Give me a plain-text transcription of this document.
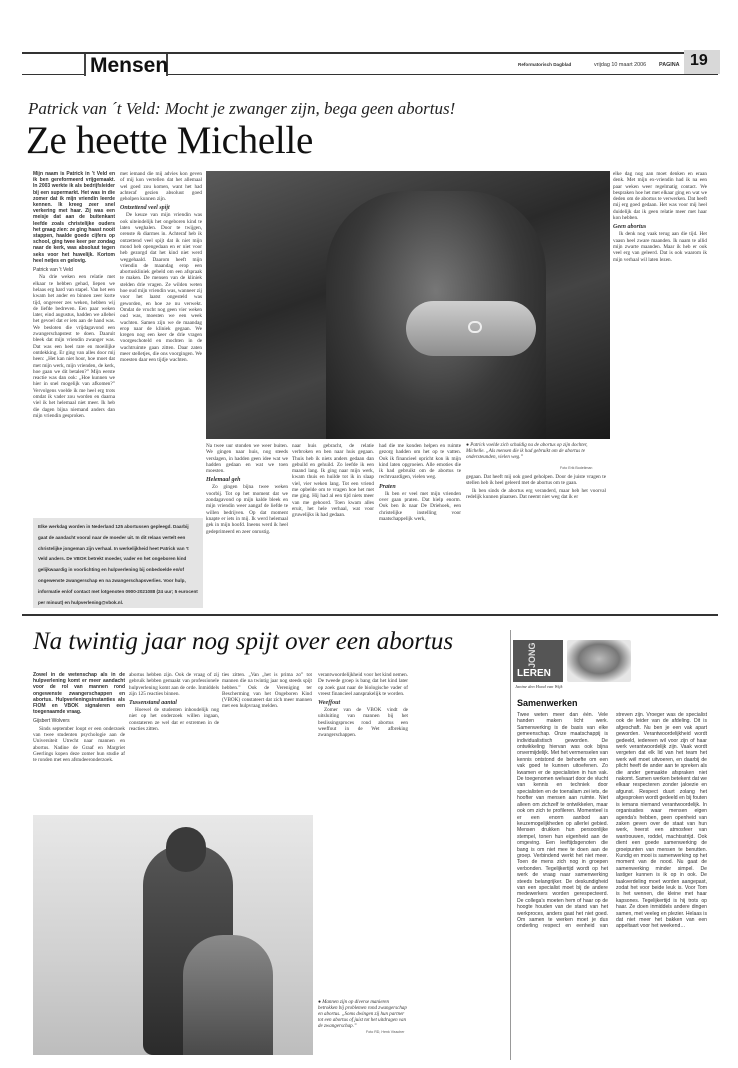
Mensen	Reformatorisch Dagblad	vrijdag 10 maart 2006 PAGINA 19
Patrick van ´t Veld: Mocht je zwanger zijn, bega geen abortus!
Ze heette Michelle

Mijn naam is Patrick in ’t Veld en ik ben gereformeerd vrijgemaakt. In 2003 werkte ik als bedrijfsleider bij een supermarkt. Het was in die zomer dat ik mijn vriendin leerde kennen. Ik kreeg zeer snel verkering met haar. Zij was een meisje dat aan de buitenkant leefde zoals christelijke ouders het graag zien: ze ging haast nooit stappen, haalde goede cijfers op school, ging twee keer per zondag naar de kerk, was absoluut tegen seks voor het huwelijk. Kortom heel netjes en gelovig.

Patrick van ’t Veld

Na drie weken een relatie met elkaar te hebben gehad, liepen we helaas erg hard van stapel. Van het een kwam het ander en binnen zeer korte tijd, ongeveer zes weken, hebben wij de liefde bedreven. Een paar weken later, eind augustus, hadden we allebei het gevoel dat er iets aan de hand was. We besloten die vrijdagavond een zwangerschapstest te doen. Daaruit bleek dat mijn vriendin zwanger was. Dat was een heel rare en moeilijke ontdekking. Er ging van alles door mij heen: „Het kan niet hoor, hoe moet dat met mijn werk, mijn vrienden, de kerk, hoe gaan we dit betalen?” Mijn eerste reactie was dan ook: „Hoe kunnen we hier in snel mogelijk van afkomen?” Vervolgens voelde ik me heel erg trots omdat ik vader zou worden en daarna viel ik het helemaal niet meer. Ik heb die dagen bijna niemand anders dan mijn vriendin gesproken.

met iemand die mij advies kon geven of mij kon vertellen dat het allemaal wel goed zou komen, want het had achteraf gezien absoluut goed geholpen kunnen zijn.

Ontzettend veel spijt

De keuze van mijn vriendin was ook uiteindelijk het ongeboren kind te laten weghalen. Door te twijgen, orenste & diarmes in. Achteraf heb ik ontzettend veel spijt dat ik niet mijn mond heb opengedaan en er niet voor heb gezorgd dat het kind niet werd weggehaald. Daarom heeft mijn vriendin de maandag erop een abortuskliniek gebeld om een afspraak te maken. De mensen van de kliniek stelden drie vragen. Ze wilden weten hoe oud mijn vriendin was, wanneer zij voor het laatst ongesteld was geworden, en hoe ze nu verwekt. Omdat de vrucht nog geen vier weken oud was, moesten we een week wachten. Samen zijn we de maandag erop naar de kliniek gegaan. We kregen nog een keer de drie vragen voorgeschoteld en mochten in de wachtruimte gaan zitten. Daar zaten meer stelletjes, die ons voorgingen. We moesten daar een tijdje wachten.

Elke werkdag worden in Nederland 125 abortussen gepleegd. Daarbij gaat de aandacht vooral naar de moeder uit. In dit relaas vertelt een christelijke jongeman zijn verhaal. In werkelijkheid heet Patrick van ’t Veld anders. De VBOK betrekt moeder, vader en het ongeboren kind gelijkwaardig in voorlichting en hulpverlening bij onbedoelde en/of ongewenste zwangerschap en na zwangerschapsverlies. Voor hulp, informatie en/of contact met lotgenoten 0900-2021088 (24 uur; 5 eurocent per minuut) en hulpverlening@vbok.nl.

Na twee uur stonden we weer buiten. We gingen naar huis, nog steeds verslagen, in hadden geen idee wat we hadden gedaan en wat we toen moesten.

Helemaal geh

Zo gingen bijna twee weken voorbij. Tot op het moment dat we zondagavond op mijn kalde bleek en mijn vriendin weer aangaf de liefde te willen bedrijven. Op dat moment knapte er iets in mij. Ik werd helemaal gek in mijn hoofd. Ineens werd ik heel gedeprimeerd en zeer onrustig.

naar huis gebracht, de relatie verbroken en ben naar huis gegaan. Thuis heb ik niets anders gedaan dan gebuild en gehuild. Zo leefde ik een maand lang. Ik ging naar mijn werk, kwam thuis en huilde tot ik in slaap viel, vier weken lang. Tot een vriend me opbelde om te vragen hoe het met me ging. Hij had al een tijd niets meer van me gehoord. Toen kwam alles eruit, het hele verhaal, wat voor gruwelijks ik had gedaan.

had die me konden helpen en ruimte gezorg hadden om het op te vatten. Ook ik financieel opricht kon ik mijn kind laten opgroeien. Alle emoties die ik had gebruikt om de abortus te rechtvaardigen, vielen weg.

Praten

Ik ben er veel met mijn vrienden over gaan praten. Dat hielp enorm. Ook ben ik naar De Driehoek, een christelijke instelling voor maatschappelijk werk,

● Patrick voelde zich schuldig na de abortus op zijn dochter, Michelle. „Als mensen die ik had gebruikt om de abortus te ondersteunden, vielen weg.”
Foto Erik Bodeliman

gegaan. Dat heeft mij ook goed geholpen. Door de juiste vragen te stellen heb ik heel geleerd met de abortus om te gaan.

Ik ben sinds de abortus erg veranderd, maar heb het voorval redelijk kunnen plaatsen. Dat neemt niet weg dat ik er

elke dag nog aan moet denken en eraan denk. Met mijn ex-vriendin had ik na een paar weken weer regelmatig contact. We bespraken hoe het met elkaar ging en wat we deden om de abortus te verwerken. Dat heeft mij erg goed gedaan. Het was voor mij heel duidelijk dat ik geen relatie meer met haar kon hebben.

Geen abortus

Ik denk nog vaak terug aan die tijd. Het vaasn heel zware maanden. Ik naam te allid mijn zwarte maanden. Maar ik heb er ook veel erg van geleerd. Dat is ook waarom ik mijn verhaal wil laten lezen.

Na twintig jaar nog spijt over een abortus

Zowel in de wetenschap als in de hulpverlening komt er meer aandacht voor de rol van mannen rond ongewenste zwangerschappen en abortus. Hulpverleningsinstanties als FIOM en VBOK signaleren een toegenaamde vraag.

Gijsbert Wolvers

Sinds september loopt er een onderzoek van twee studenten psychologie aan de Universiteit Utrecht naar mannen en abortus. Nadine de Graaf en Margriet Geerlings kopen deze zomer hun studie af te ronden met een afstudeeronderzoek.

abortus hebben zijn. Ook de vraag of zij gebruik hebben gemaakt van professionele hulpverlening komt aan de orde. Inmiddels zijn 125 reacties binnen.

Tussenstand aantal

Hoewel de studenten inhoudelijk nog niet op het onderzoek willen ingaan, constateren ze wel dat er extremen in de reacties zitten.

ties zitten. „Van „het is prima zo” tot mannen die na twintig jaar nog steeds spijt hebben.” Ook de Vereniging ter Bescherming van het Ongeboren Kind (VBOK) constateert dat zich meer mannen met een hulpvraag melden.

verantwoordelijkheid voor het kind nemen. De tweede groep is bang dat het kind later op zoek gaat naar de biologische vader of vreest financieel aansprakelijk te worden.

Weeffout

Zomer van de VBOK vindt de uitsluiting van mannen bij het beslissingsproces rond abortus een weeffout in de Wet afbreking zwangerschappen.

● Mannen zijn op diverse manieren betrokken bij problemen rond zwangerschap en abortus. „Soms dwingen zij hun partner tot een abortus of juist tot het uitdragen van de zwangerschap.”
Foto RD, Henk Visscher
JONG
LEREN
Janine den Hond van Wijk
Samenwerken
Twee weten meer dan één. Vele handen maken licht werk. Samenwerking is de basis van elke gemeenschap. Onze maatschappij is individualistisch geworden. De ontwikkeling hiervan was ook bijna onvermijdelijk. Met het vermenselen van kennis ontstond de behoefte om een vak goed te kunnen uitoefenen. Zo kwamen er de specialisten in hun vak. De toegenomen welvaart door de vlucht van kennis en techniek door specialisten en de toenaliam zei iets, de hoofter van mensen aan ruimte. Niet alleen om zichzelf te ontwikkelen, maar ook om zich te profileren. Momenteel is er een enorm aanbod aan keuzemogelijkheden op allerlei gebied. Mensen drukken hun persoonlijke stempel, tonen hun eigenheid aan de omgeving. Een leeftijdsgenoten die bang is om niet mee te doen aan de groep. Verbindend werkt het niet meer. Toen de mens zich nog in groepen verbonden. Tegelijkertijd wordt op het werk de vraag naar samenwerking steeds belangrijker. De deskundigheid van een specialist moet bij de andere medewerkers worden gerespecteerd. De collega’s moeten hem of haar op de hoogte houden van de stand van het werkproces, anders gaat het niet goed. Om samen te werken moet je dus onderling respect en eenheid van streven zijn. Vroeger was de specialist ook de leider van de afdeling. Dit is afgeschaft. Nu ben je een vak apart geworden. Verantwoordelijkheid wordt gedeeld, iedereen wil voor zijn of haar werk verantwoordelijk zijn. Vaak wordt vergeten dat elk lid van het team het werk wél moet uitvoeren, en daarbij de plicht heeft de ander aan te spreken als die ander gemaakte afspraken niet nakomt. Samen werken betekent dat we elkaar respecteren zonder jaloezie en afgunst. Respect duurt zolang het afgesproken wordt gedeeld en bij fouten is iemans niemand verantwoordelijk. In organisaties waar mensen eigen agenda’s hebben, geen openheid van zaken geven over de staat van hun werk, heerst een atmosfeer van wantrouwen, roddel, machtsstrijd. Ook dient een goede samenwerking de groeipunten van mensen te benutten. Kundig en mooi is samenwerking op het moment van de nood. Nu gaat de samenwerking minder simpel. De lastiger kunnen is ik op in ook. De taakverdeling moet worden aangepast, zodat het voor beide leuk is. Voor Tom is het wennen, die kleine met haar kapsones. Tegelijkertijd is hij trots op haar. Ze doen inmiddels andere dingen samen, met veeleg en plezier. Helaas is dat niet meer het bakken van een appeltaart voor het weekend…
